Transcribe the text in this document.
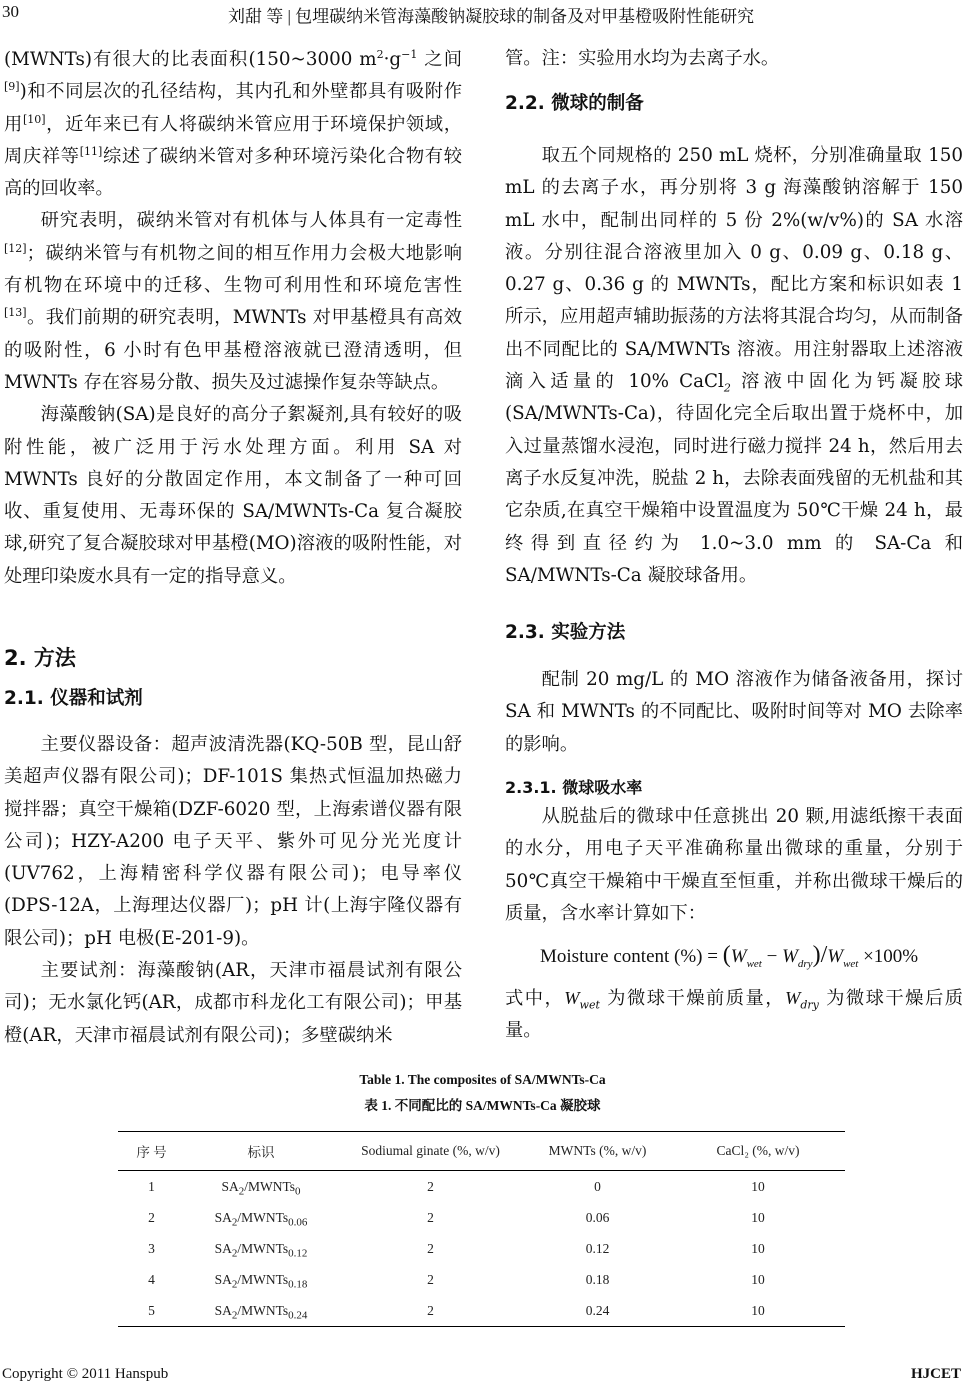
30	刘甜 等 | 包埋碳纳米管海藻酸钠凝胶球的制备及对甲基橙吸附性能研究

(MWNTs)有很大的比表面积(150~3000 $m^2\cdot g^{-1}$ 之间[9])和不同层次的孔径结构，其内孔和外壁都具有吸附作用[10]，近年来已有人将碳纳米管应用于环境保护领域，周庆祥等[11]综述了碳纳米管对多种环境污染化合物有较高的回收率。

研究表明，碳纳米管对有机体与人体具有一定毒性[12]；碳纳米管与有机物之间的相互作用力会极大地影响有机物在环境中的迁移、生物可利用性和环境危害性[13]。我们前期的研究表明，MWNTs 对甲基橙具有高效的吸附性，6 小时有色甲基橙溶液就已澄清透明，但 MWNTs 存在容易分散、损失及过滤操作复杂等缺点。

海藻酸钠(SA)是良好的高分子絮凝剂,具有较好的吸附性能，被广泛用于污水处理方面。利用 SA 对 MWNTs 良好的分散固定作用，本文制备了一种可回收、重复使用、无毒环保的 SA/MWNTs-Ca 复合凝胶球,研究了复合凝胶球对甲基橙(MO)溶液的吸附性能，对处理印染废水具有一定的指导意义。

2. 方法
2.1. 仪器和试剂

主要仪器设备：超声波清洗器(KQ-50B 型，昆山舒美超声仪器有限公司)；DF-101S 集热式恒温加热磁力搅拌器；真空干燥箱(DZF-6020 型，上海索谱仪器有限公司)；HZY-A200 电子天平、紫外可见分光光度计(UV762，上海精密科学仪器有限公司)；电导率仪(DPS-12A，上海理达仪器厂)；pH 计(上海宇隆仪器有限公司)；pH 电极(E-201-9)。

主要试剂：海藻酸钠(AR，天津市福晨试剂有限公司)；无水氯化钙(AR，成都市科龙化工有限公司)；甲基橙(AR，天津市福晨试剂有限公司)；多壁碳纳米

管。注：实验用水均为去离子水。

2.2. 微球的制备

取五个同规格的 250 mL 烧杯，分别准确量取 150 mL 的去离子水，再分别将 3 g 海藻酸钠溶解于 150 mL 水中，配制出同样的 5 份 2%(w/v%)的 SA 水溶液。分别往混合溶液里加入 0 g、0.09 g、0.18 g、0.27 g、0.36 g 的 MWNTs，配比方案和标识如表 1 所示，应用超声辅助振荡的方法将其混合均匀，从而制备出不同配比的 SA/MWNTs 溶液。用注射器取上述溶液滴入适量的 10% CaCl$_2$ 溶液中固化为钙凝胶球(SA/MWNTs-Ca)，待固化完全后取出置于烧杯中，加入过量蒸馏水浸泡，同时进行磁力搅拌 24 h，然后用去离子水反复冲洗，脱盐 2 h，去除表面残留的无机盐和其它杂质,在真空干燥箱中设置温度为 50℃干燥 24 h，最终得到直径约为 1.0~3.0 mm 的 SA-Ca 和 SA/MWNTs-Ca 凝胶球备用。

2.3. 实验方法

配制 20 mg/L 的 MO 溶液作为储备液备用，探讨 SA 和 MWNTs 的不同配比、吸附时间等对 MO 去除率的影响。

2.3.1. 微球吸水率

从脱盐后的微球中任意挑出 20 颗,用滤纸擦干表面的水分，用电子天平准确称量出微球的重量，分别于 50℃真空干燥箱中干燥直至恒重，并称出微球干燥后的质量，含水率计算如下：

Moisture content (%) = $(W_{wet} - W_{dry})/W_{wet} \times 100\%$

式中，$W_{wet}$ 为微球干燥前质量，$W_{dry}$ 为微球干燥后质量。

Table 1. The composites of SA/MWNTs-Ca
表 1. 不同配比的 SA/MWNTs-Ca 凝胶球
序 号	标识	Sodiumal ginate (%, w/v)	MWNTs (%, w/v)	CaCl₂ (%, w/v)
1	$SA_2/MWNTs_0$	2	0	10
2	$SA_2/MWNTs_{0.06}$	2	0.06	10
3	$SA_2/MWNTs_{0.12}$	2	0.12	10
4	$SA_2/MWNTs_{0.18}$	2	0.18	10
5	$SA_2/MWNTs_{0.24}$	2	0.24	10
Copyright © 2011 Hanspub	HJCET
